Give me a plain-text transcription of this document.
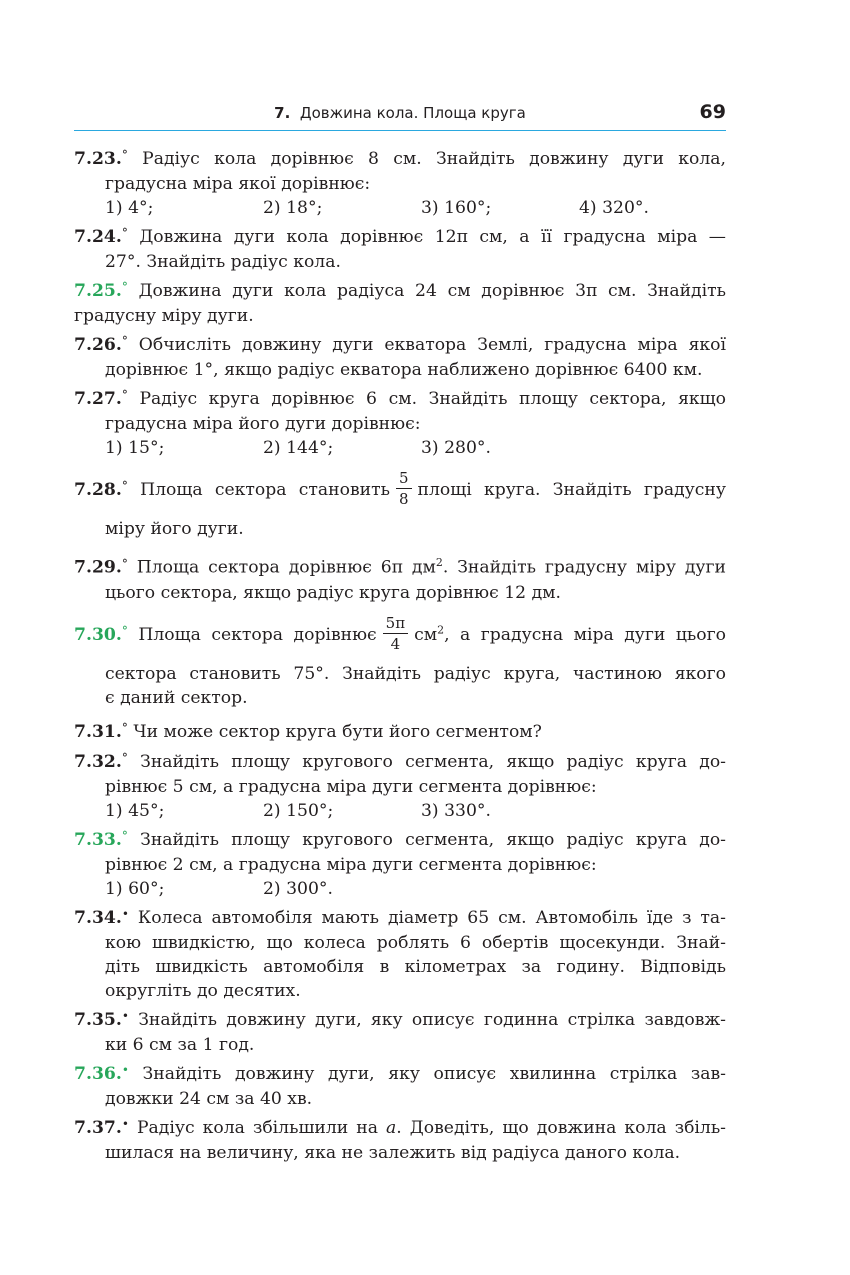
7. Довжина кола. Площа круга	69
7.23.° Радіус кола дорівнює 8 см. Знайдіть довжину дуги кола,
градусна міра якої дорівнює:
1) 4°;	2) 18°;	3) 160°;	4) 320°.
7.24.° Довжина дуги кола дорівнює 12π см, а її градусна міра —
27°. Знайдіть радіус кола.
7.25.° Довжина дуги кола радіуса 24 см дорівнює 3π см. Знайдіть
градусну міру дуги.
7.26.° Обчисліть довжину дуги екватора Землі, градусна міра якої
дорівнює 1°, якщо радіус екватора наближено дорівнює 6400 км.
7.27.° Радіус круга дорівнює 6 см. Знайдіть площу сектора, якщо
градусна міра його дуги дорівнює:
1) 15°;	2) 144°;	3) 280°.
7.28.° Площа сектора становить $\frac{5}{8}$ площі круга. Знайдіть градусну
міру його дуги.
7.29.° Площа сектора дорівнює 6π $дм^2$. Знайдіть градусну міру дуги
цього сектора, якщо радіус круга дорівнює 12 дм.
7.30.° Площа сектора дорівнює $\frac{5\pi}{4} см^2$, а градусна міра дуги цього
сектора становить 75°. Знайдіть радіус круга, частиною якого
є даний сектор.
7.31.° Чи може сектор круга бути його сегментом?
7.32.° Знайдіть площу кругового сегмента, якщо радіус круга до-
рівнює 5 см, а градусна міра дуги сегмента дорівнює:
1) 45°;	2) 150°;	3) 330°.
7.33.° Знайдіть площу кругового сегмента, якщо радіус круга до-
рівнює 2 см, а градусна міра дуги сегмента дорівнює:
1) 60°;	2) 300°.
7.34.• Колеса автомобіля мають діаметр 65 см. Автомобіль їде з та-
кою швидкістю, що колеса роблять 6 обертів щосекунди. Знай-
діть швидкість автомобіля в кілометрах за годину. Відповідь
округліть до десятих.
7.35.• Знайдіть довжину дуги, яку описує годинна стрілка завдовж-
ки 6 см за 1 год.
7.36.• Знайдіть довжину дуги, яку описує хвилинна стрілка зав-
довжки 24 см за 40 хв.
7.37.• Радіус кола збільшили на a. Доведіть, що довжина кола збіль-
шилася на величину, яка не залежить від радіуса даного кола.
